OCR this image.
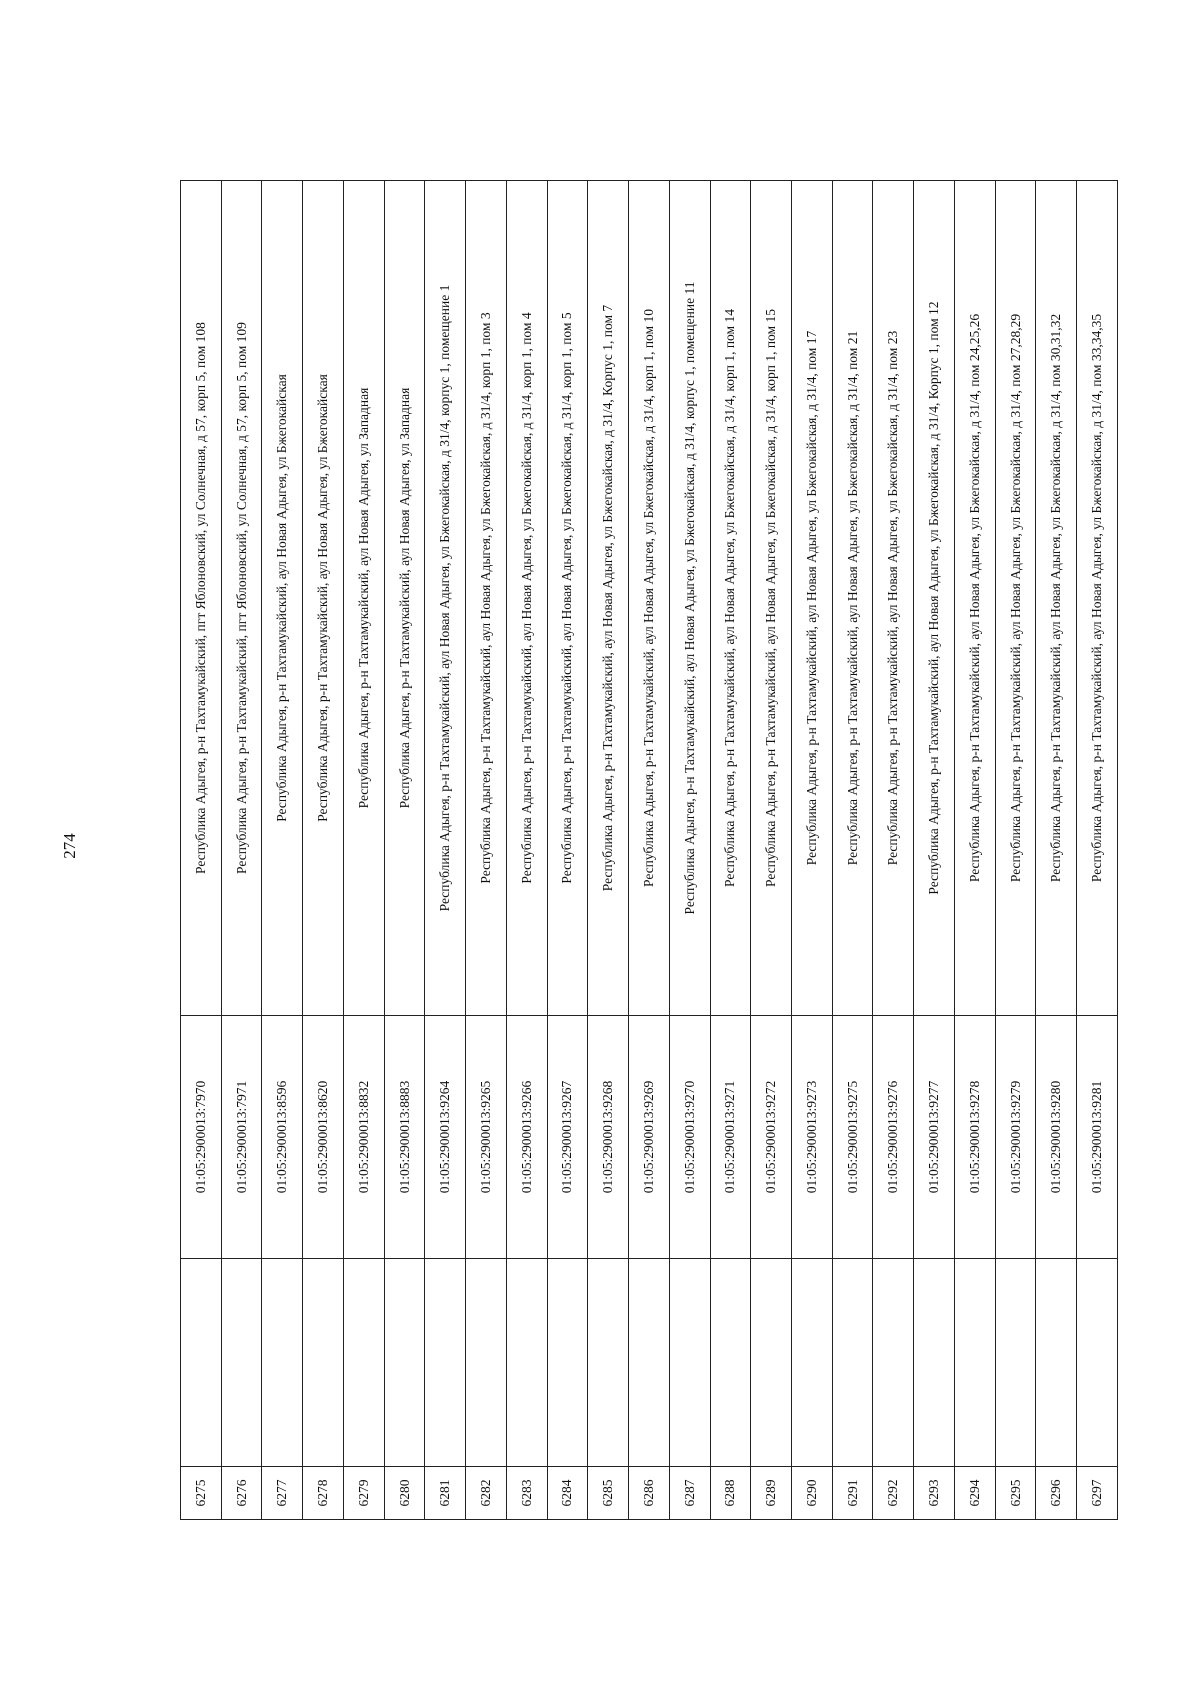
274
6275		01:05:2900013:7970	Республика Адыгея, р-н Тахтамукайский, пгт Яблоновский, ул Солнечная, д 57, корп 5, пом 108
6276		01:05:2900013:7971	Республика Адыгея, р-н Тахтамукайский, пгт Яблоновский, ул Солнечная, д 57, корп 5, пом 109
6277		01:05:2900013:8596	Республика Адыгея, р-н Тахтамукайский, аул Новая Адыгея, ул Бжегокайская
6278		01:05:2900013:8620	Республика Адыгея, р-н Тахтамукайский, аул Новая Адыгея, ул Бжегокайская
6279		01:05:2900013:8832	Республика Адыгея, р-н Тахтамукайский, аул Новая Адыгея, ул Западная
6280		01:05:2900013:8883	Республика Адыгея, р-н Тахтамукайский, аул Новая Адыгея, ул Западная
6281		01:05:2900013:9264	Республика Адыгея, р-н Тахтамукайский, аул Новая Адыгея, ул Бжегокайская, д 31/4, корпус 1, помещение 1
6282		01:05:2900013:9265	Республика Адыгея, р-н Тахтамукайский, аул Новая Адыгея, ул Бжегокайская, д 31/4, корп 1, пом 3
6283		01:05:2900013:9266	Республика Адыгея, р-н Тахтамукайский, аул Новая Адыгея, ул Бжегокайская, д 31/4, корп 1, пом 4
6284		01:05:2900013:9267	Республика Адыгея, р-н Тахтамукайский, аул Новая Адыгея, ул Бжегокайская, д 31/4, корп 1, пом 5
6285		01:05:2900013:9268	Республика Адыгея, р-н Тахтамукайский, аул Новая Адыгея, ул Бжегокайская, д 31/4, Корпус 1, пом 7
6286		01:05:2900013:9269	Республика Адыгея, р-н Тахтамукайский, аул Новая Адыгея, ул Бжегокайская, д 31/4, корп 1, пом 10
6287		01:05:2900013:9270	Республика Адыгея, р-н Тахтамукайский, аул Новая Адыгея, ул Бжегокайская, д 31/4, корпус 1, помещение 11
6288		01:05:2900013:9271	Республика Адыгея, р-н Тахтамукайский, аул Новая Адыгея, ул Бжегокайская, д 31/4, корп 1, пом 14
6289		01:05:2900013:9272	Республика Адыгея, р-н Тахтамукайский, аул Новая Адыгея, ул Бжегокайская, д 31/4, корп 1, пом 15
6290		01:05:2900013:9273	Республика Адыгея, р-н Тахтамукайский, аул Новая Адыгея, ул Бжегокайская, д 31/4, пом 17
6291		01:05:2900013:9275	Республика Адыгея, р-н Тахтамукайский, аул Новая Адыгея, ул Бжегокайская, д 31/4, пом 21
6292		01:05:2900013:9276	Республика Адыгея, р-н Тахтамукайский, аул Новая Адыгея, ул Бжегокайская, д 31/4, пом 23
6293		01:05:2900013:9277	Республика Адыгея, р-н Тахтамукайский, аул Новая Адыгея, ул Бжегокайская, д 31/4, Корпус 1, пом 12
6294		01:05:2900013:9278	Республика Адыгея, р-н Тахтамукайский, аул Новая Адыгея, ул Бжегокайская, д 31/4, пом 24,25,26
6295		01:05:2900013:9279	Республика Адыгея, р-н Тахтамукайский, аул Новая Адыгея, ул Бжегокайская, д 31/4, пом 27,28,29
6296		01:05:2900013:9280	Республика Адыгея, р-н Тахтамукайский, аул Новая Адыгея, ул Бжегокайская, д 31/4, пом 30,31,32
6297		01:05:2900013:9281	Республика Адыгея, р-н Тахтамукайский, аул Новая Адыгея, ул Бжегокайская, д 31/4, пом 33,34,35
